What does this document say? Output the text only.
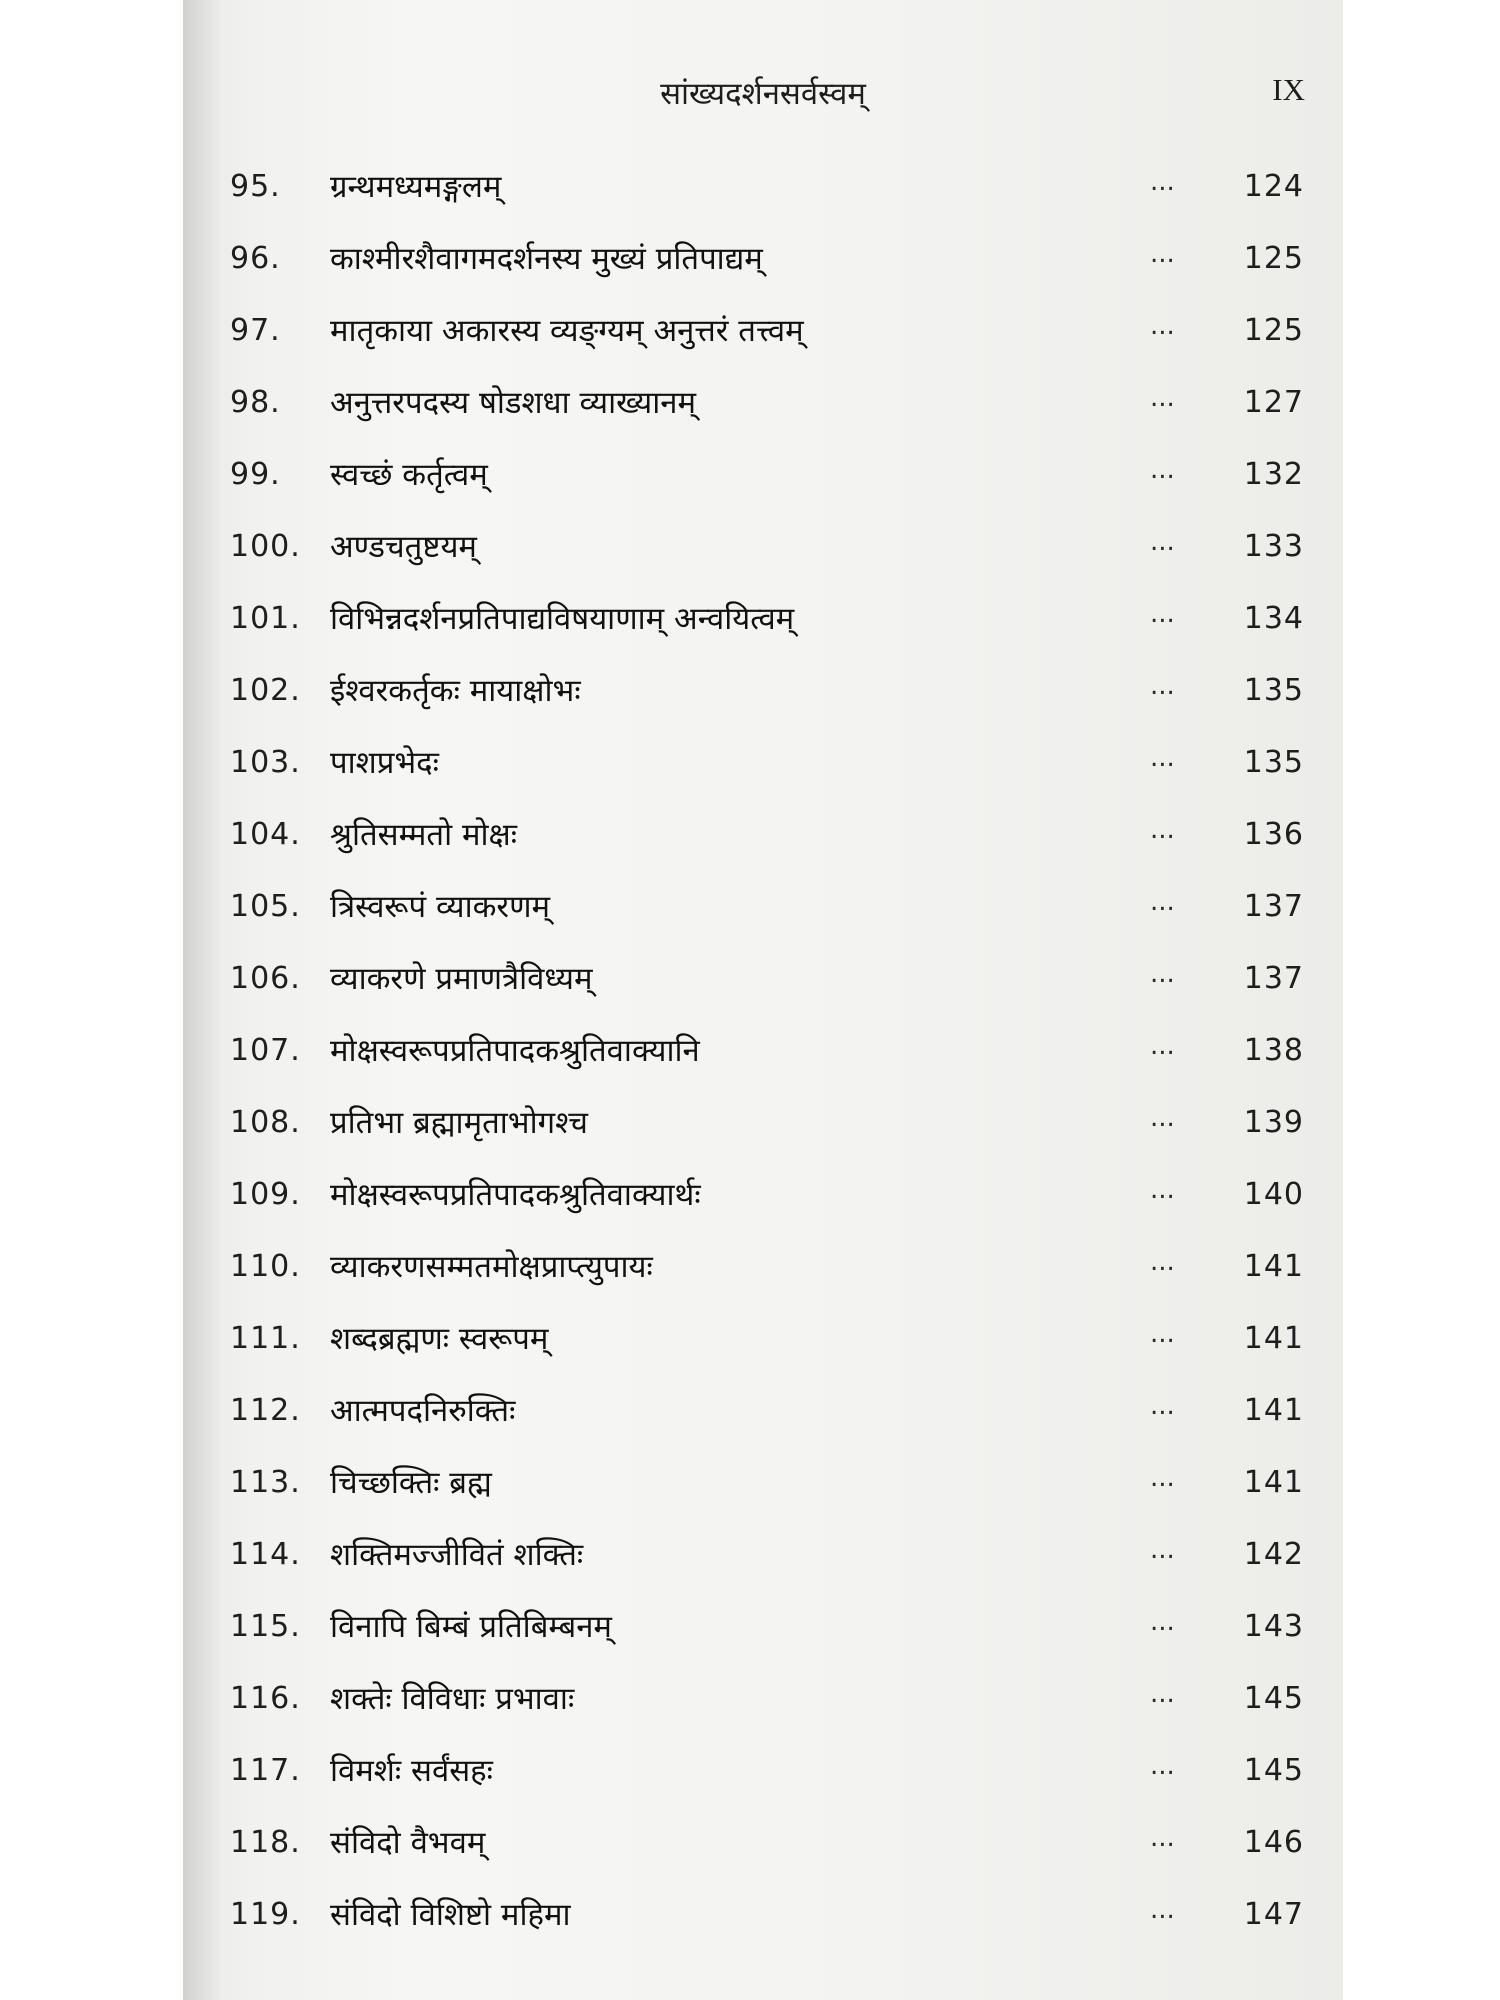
सांख्यदर्शनसर्वस्वम्	IX
95. ग्रन्थमध्यमङ्गलम्	... 124
96. काश्मीरशैवागमदर्शनस्य मुख्यं प्रतिपाद्यम्	... 125
97. मातृकाया अकारस्य व्यङ्ग्यम् अनुत्तरं तत्त्वम्	... 125
98. अनुत्तरपदस्य षोडशधा व्याख्यानम्	... 127
99. स्वच्छं कर्तृत्वम्	... 132
100. अण्डचतुष्टयम्	... 133
101. विभिन्नदर्शनप्रतिपाद्यविषयाणाम् अन्वयित्वम्	... 134
102. ईश्वरकर्तृकः मायाक्षोभः	... 135
103. पाशप्रभेदः	... 135
104. श्रुतिसम्मतो मोक्षः	... 136
105. त्रिस्वरूपं व्याकरणम्	... 137
106. व्याकरणे प्रमाणत्रैविध्यम्	... 137
107. मोक्षस्वरूपप्रतिपादकश्रुतिवाक्यानि	... 138
108. प्रतिभा ब्रह्मामृताभोगश्च	... 139
109. मोक्षस्वरूपप्रतिपादकश्रुतिवाक्यार्थः	... 140
110. व्याकरणसम्मतमोक्षप्राप्त्युपायः	... 141
111. शब्दब्रह्मणः स्वरूपम्	... 141
112. आत्मपदनिरुक्तिः	... 141
113. चिच्छक्तिः ब्रह्म	... 141
114. शक्तिमज्जीवितं शक्तिः	... 142
115. विनापि बिम्बं प्रतिबिम्बनम्	... 143
116. शक्तेः विविधाः प्रभावाः	... 145
117. विमर्शः सर्वंसहः	... 145
118. संविदो वैभवम्	... 146
119. संविदो विशिष्टो महिमा	... 147
